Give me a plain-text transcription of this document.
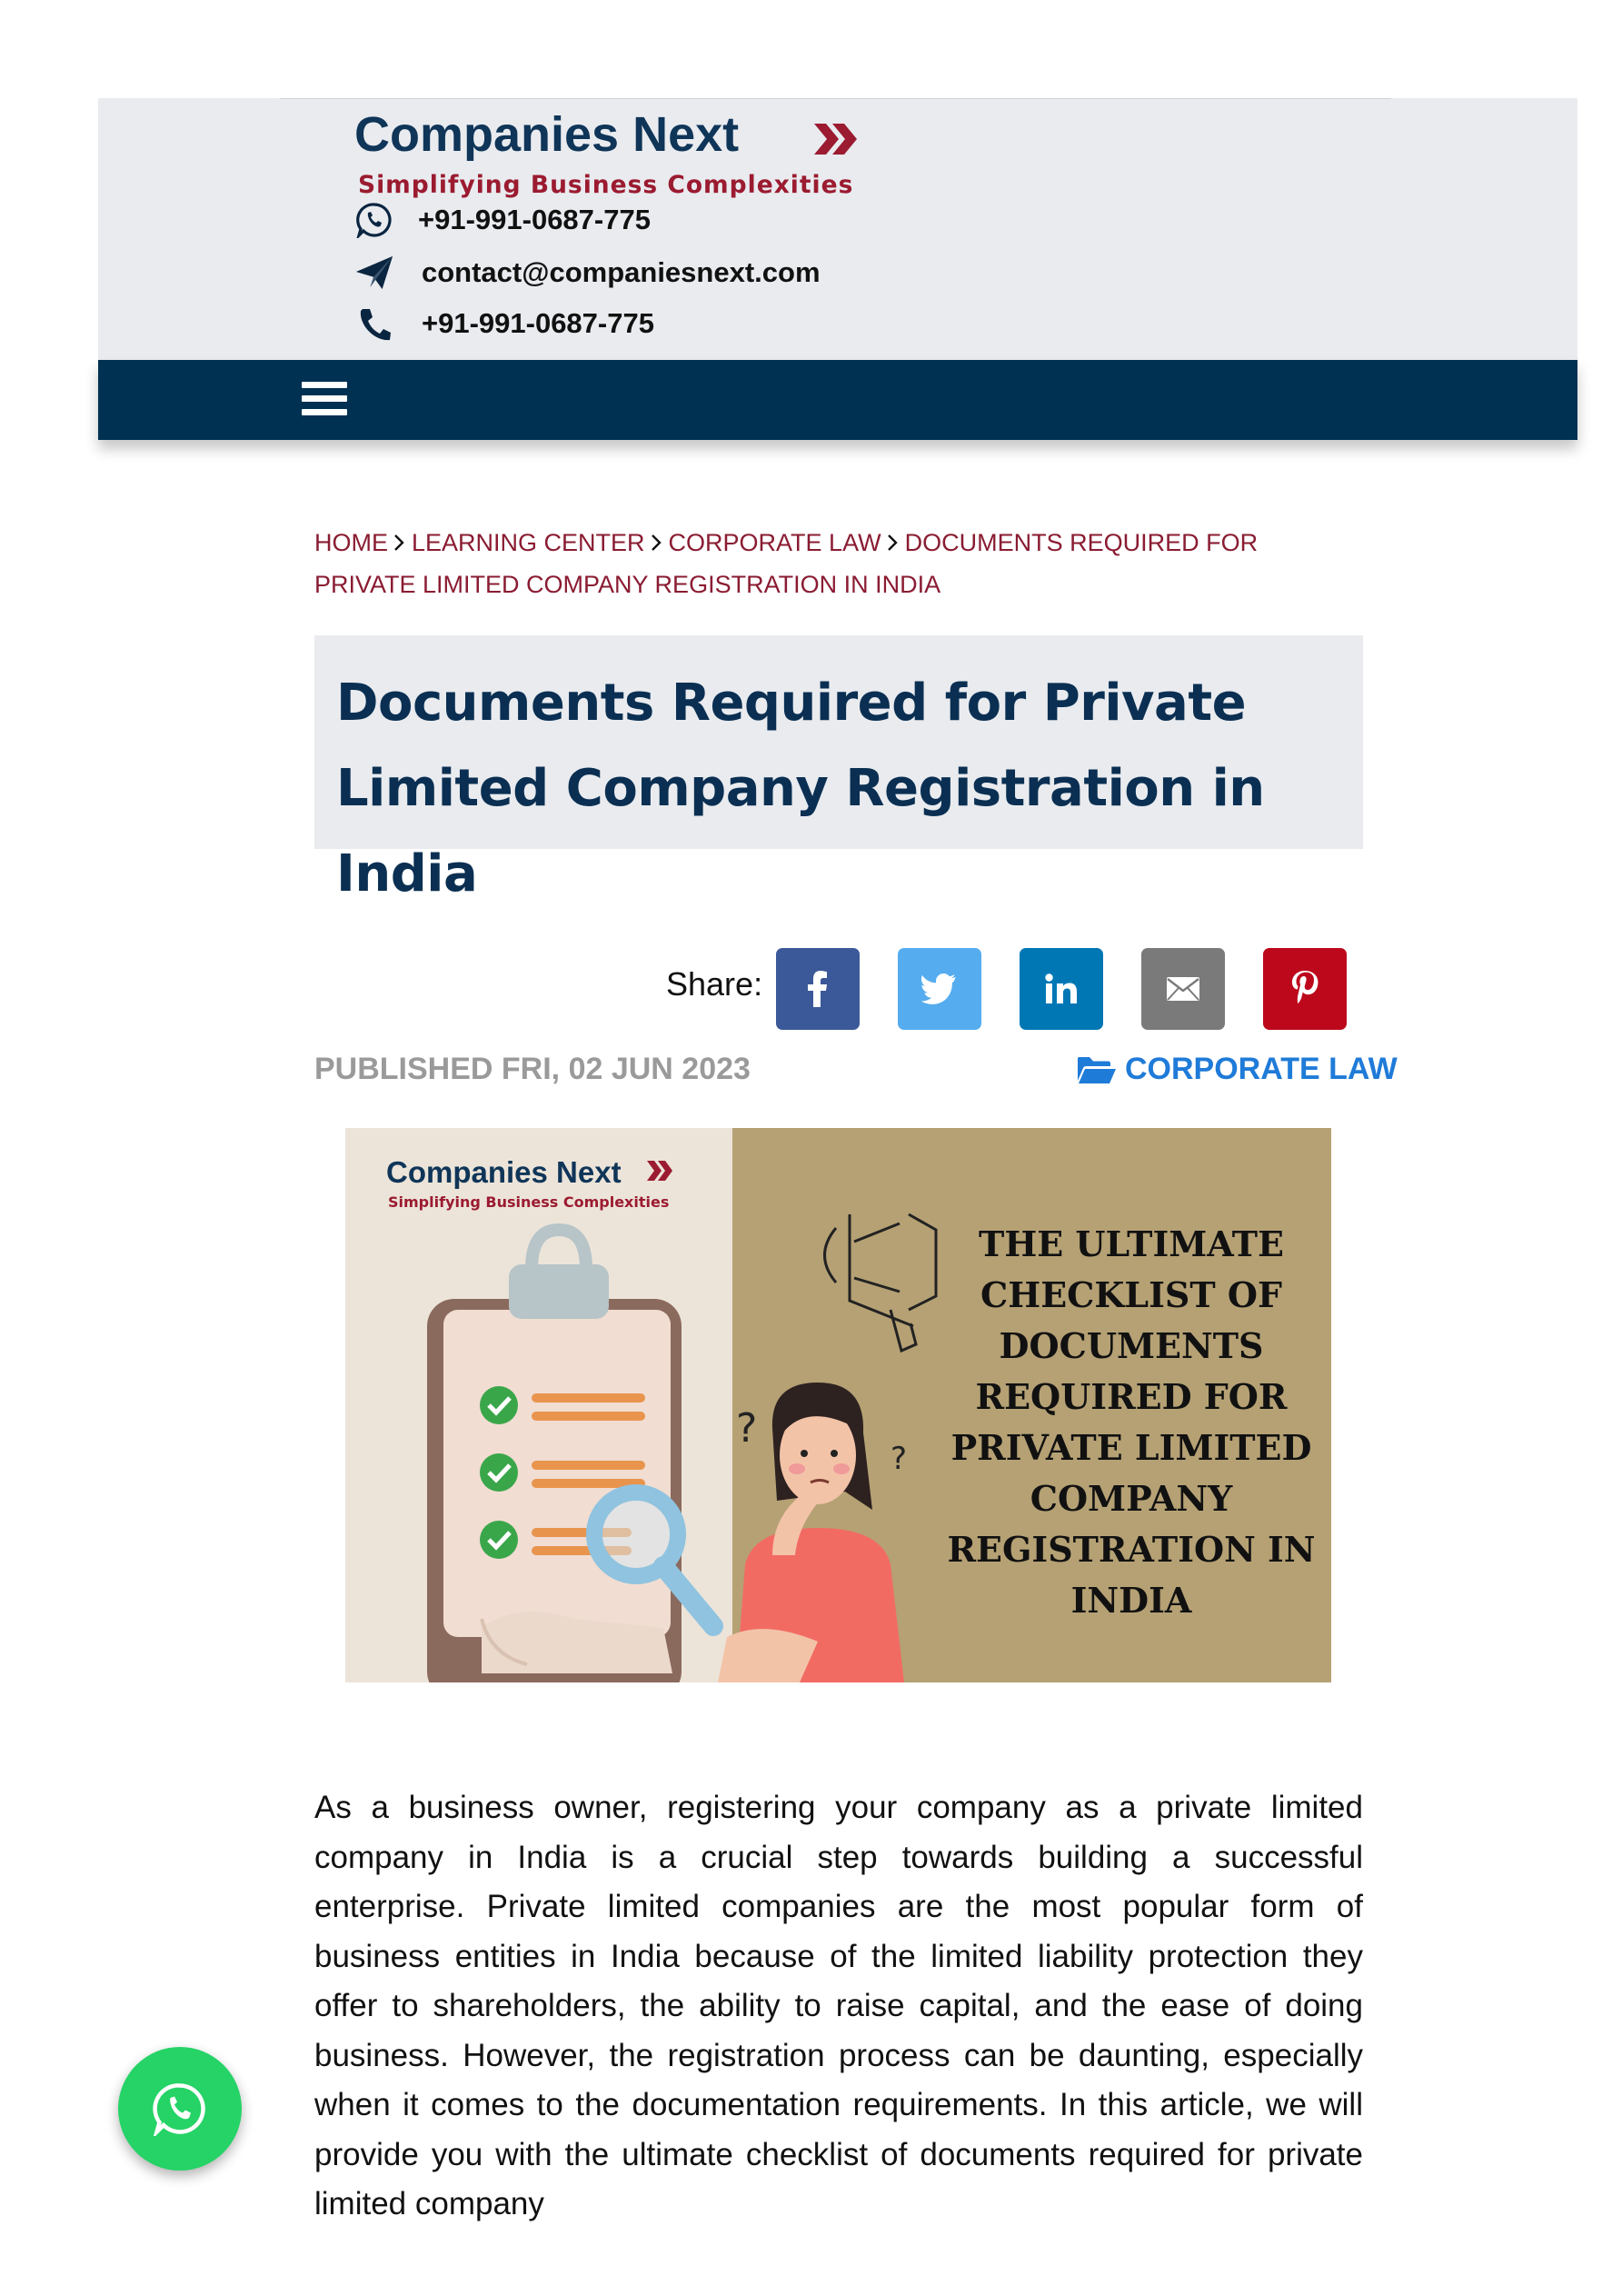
Companies Next
Simplifying Business Complexities
+91-991-0687-775
contact@companiesnext.com
+91-991-0687-775
HOME LEARNING CENTER CORPORATE LAW DOCUMENTS REQUIRED FOR PRIVATE LIMITED COMPANY REGISTRATION IN INDIA
Documents Required for Private Limited Company Registration in India
Share:
PUBLISHED FRI, 02 JUN 2023	CORPORATE LAW
Companies Next
Simplifying Business Complexities
?
?
THE ULTIMATE CHECKLIST OF DOCUMENTS REQUIRED FOR PRIVATE LIMITED COMPANY REGISTRATION IN INDIA
As a business owner, registering your company as a private limited company in India is a crucial step towards building a successful enterprise. Private limited companies are the most popular form of business entities in India because of the limited liability protection they offer to shareholders, the ability to raise capital, and the ease of doing business. However, the registration process can be daunting, especially when it comes to the documentation requirements. In this article, we will provide you with the ultimate checklist of documents required for private limited company
